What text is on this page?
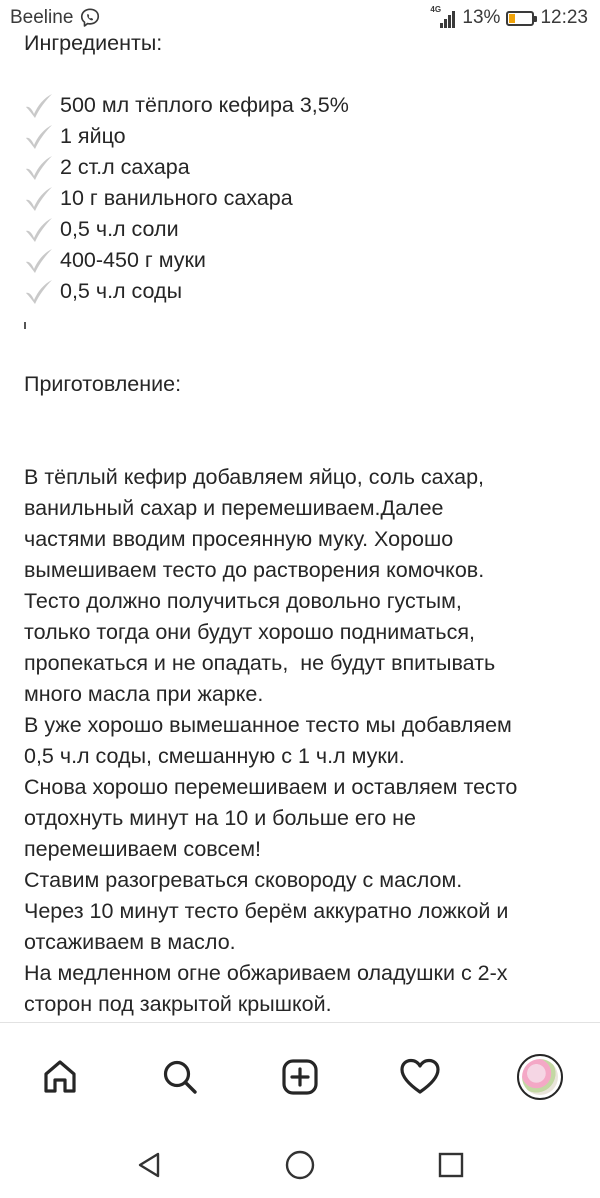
Beeline	4G 13% 12:23

Ингредиенты:

500 мл тёплого кефира 3,5%
1 яйцо
2 ст.л сахара
10 г ванильного сахара
0,5 ч.л соли
400-450 г муки
0,5 ч.л соды

Приготовление:

В тёплый кефир добавляем яйцо, соль сахар,

ванильный сахар и перемешиваем.Далее

частями вводим просеянную муку. Хорошо

вымешиваем тесто до растворения комочков.

Тесто должно получиться довольно густым,

только тогда они будут хорошо подниматься,

пропекаться и не опадать,  не будут впитывать

много масла при жарке.

В уже хорошо вымешанное тесто мы добавляем

0,5 ч.л соды, смешанную с 1 ч.л муки.

Снова хорошо перемешиваем и оставляем тесто

отдохнуть минут на 10 и больше его не

перемешиваем совсем!

Ставим разогреваться сковороду с маслом.

Через 10 минут тесто берём аккуратно ложкой и

отсаживаем в масло.

На медленном огне обжариваем оладушки с 2-х

сторон под закрытой крышкой.
